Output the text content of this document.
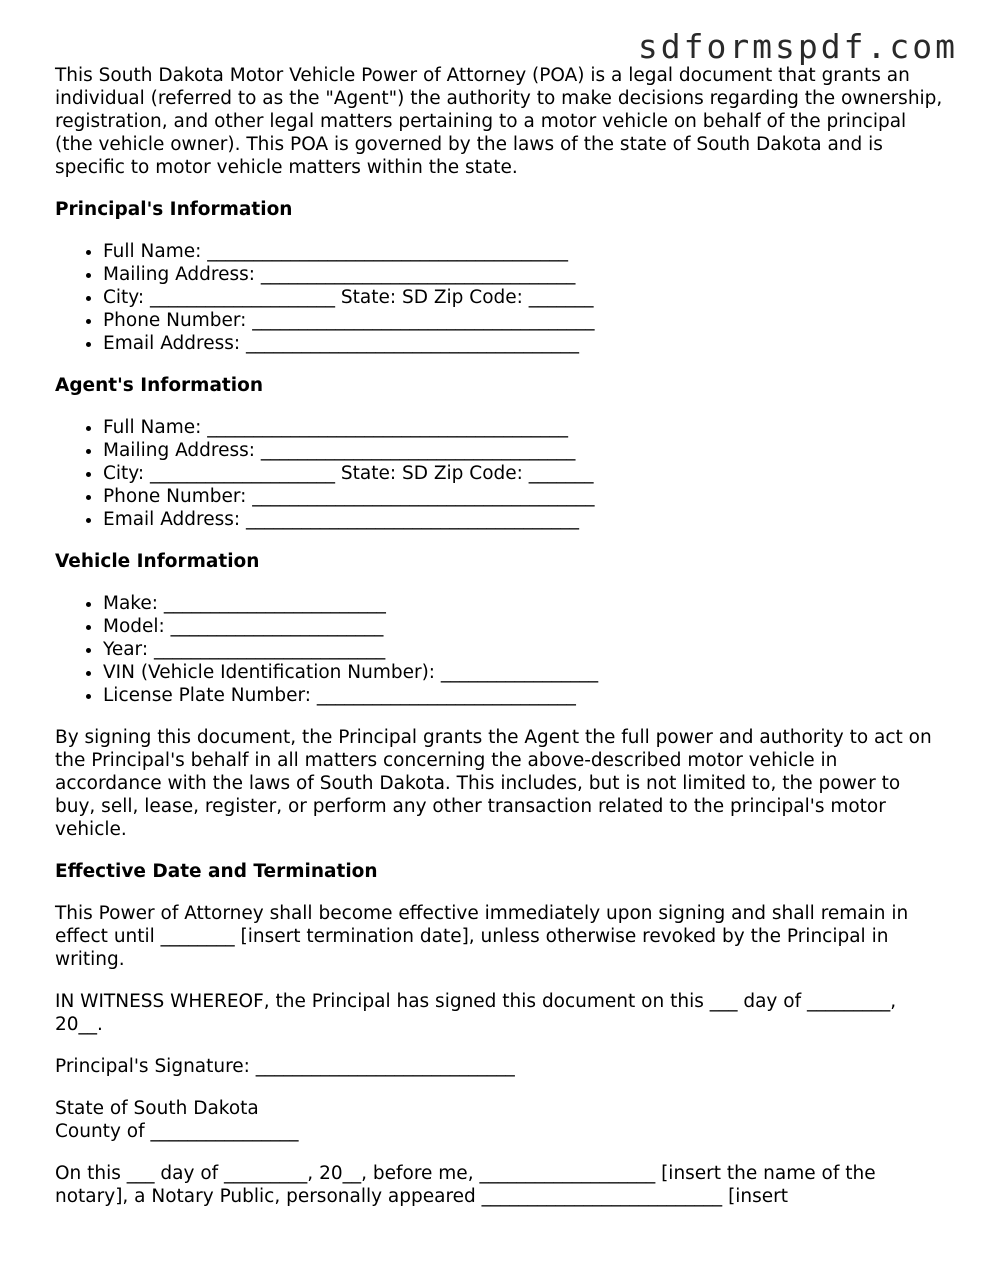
sdformspdf.com

This South Dakota Motor Vehicle Power of Attorney (POA) is a legal document that grants an individual (referred to as the "Agent") the authority to make decisions regarding the ownership, registration, and other legal matters pertaining to a motor vehicle on behalf of the principal (the vehicle owner). This POA is governed by the laws of the state of South Dakota and is specific to motor vehicle matters within the state.

Principal's Information
• Full Name: _______________________________________
• Mailing Address: __________________________________
• City: ____________________ State: SD Zip Code: _______
• Phone Number: _____________________________________
• Email Address: ____________________________________
Agent's Information
• Full Name: _______________________________________
• Mailing Address: __________________________________
• City: ____________________ State: SD Zip Code: _______
• Phone Number: _____________________________________
• Email Address: ____________________________________
Vehicle Information
• Make: ________________________
• Model: _______________________
• Year: _________________________
• VIN (Vehicle Identification Number): _________________
• License Plate Number: ____________________________

By signing this document, the Principal grants the Agent the full power and authority to act on the Principal's behalf in all matters concerning the above-described motor vehicle in accordance with the laws of South Dakota. This includes, but is not limited to, the power to buy, sell, lease, register, or perform any other transaction related to the principal's motor vehicle.

Effective Date and Termination

This Power of Attorney shall become effective immediately upon signing and shall remain in effect until ________ [insert termination date], unless otherwise revoked by the Principal in writing.

IN WITNESS WHEREOF, the Principal has signed this document on this ___ day of _________, 20__.

Principal's Signature: ____________________________

State of South Dakota
County of ________________

On this ___ day of _________, 20__, before me, ___________________ [insert the name of the notary], a Notary Public, personally appeared __________________________ [insert
